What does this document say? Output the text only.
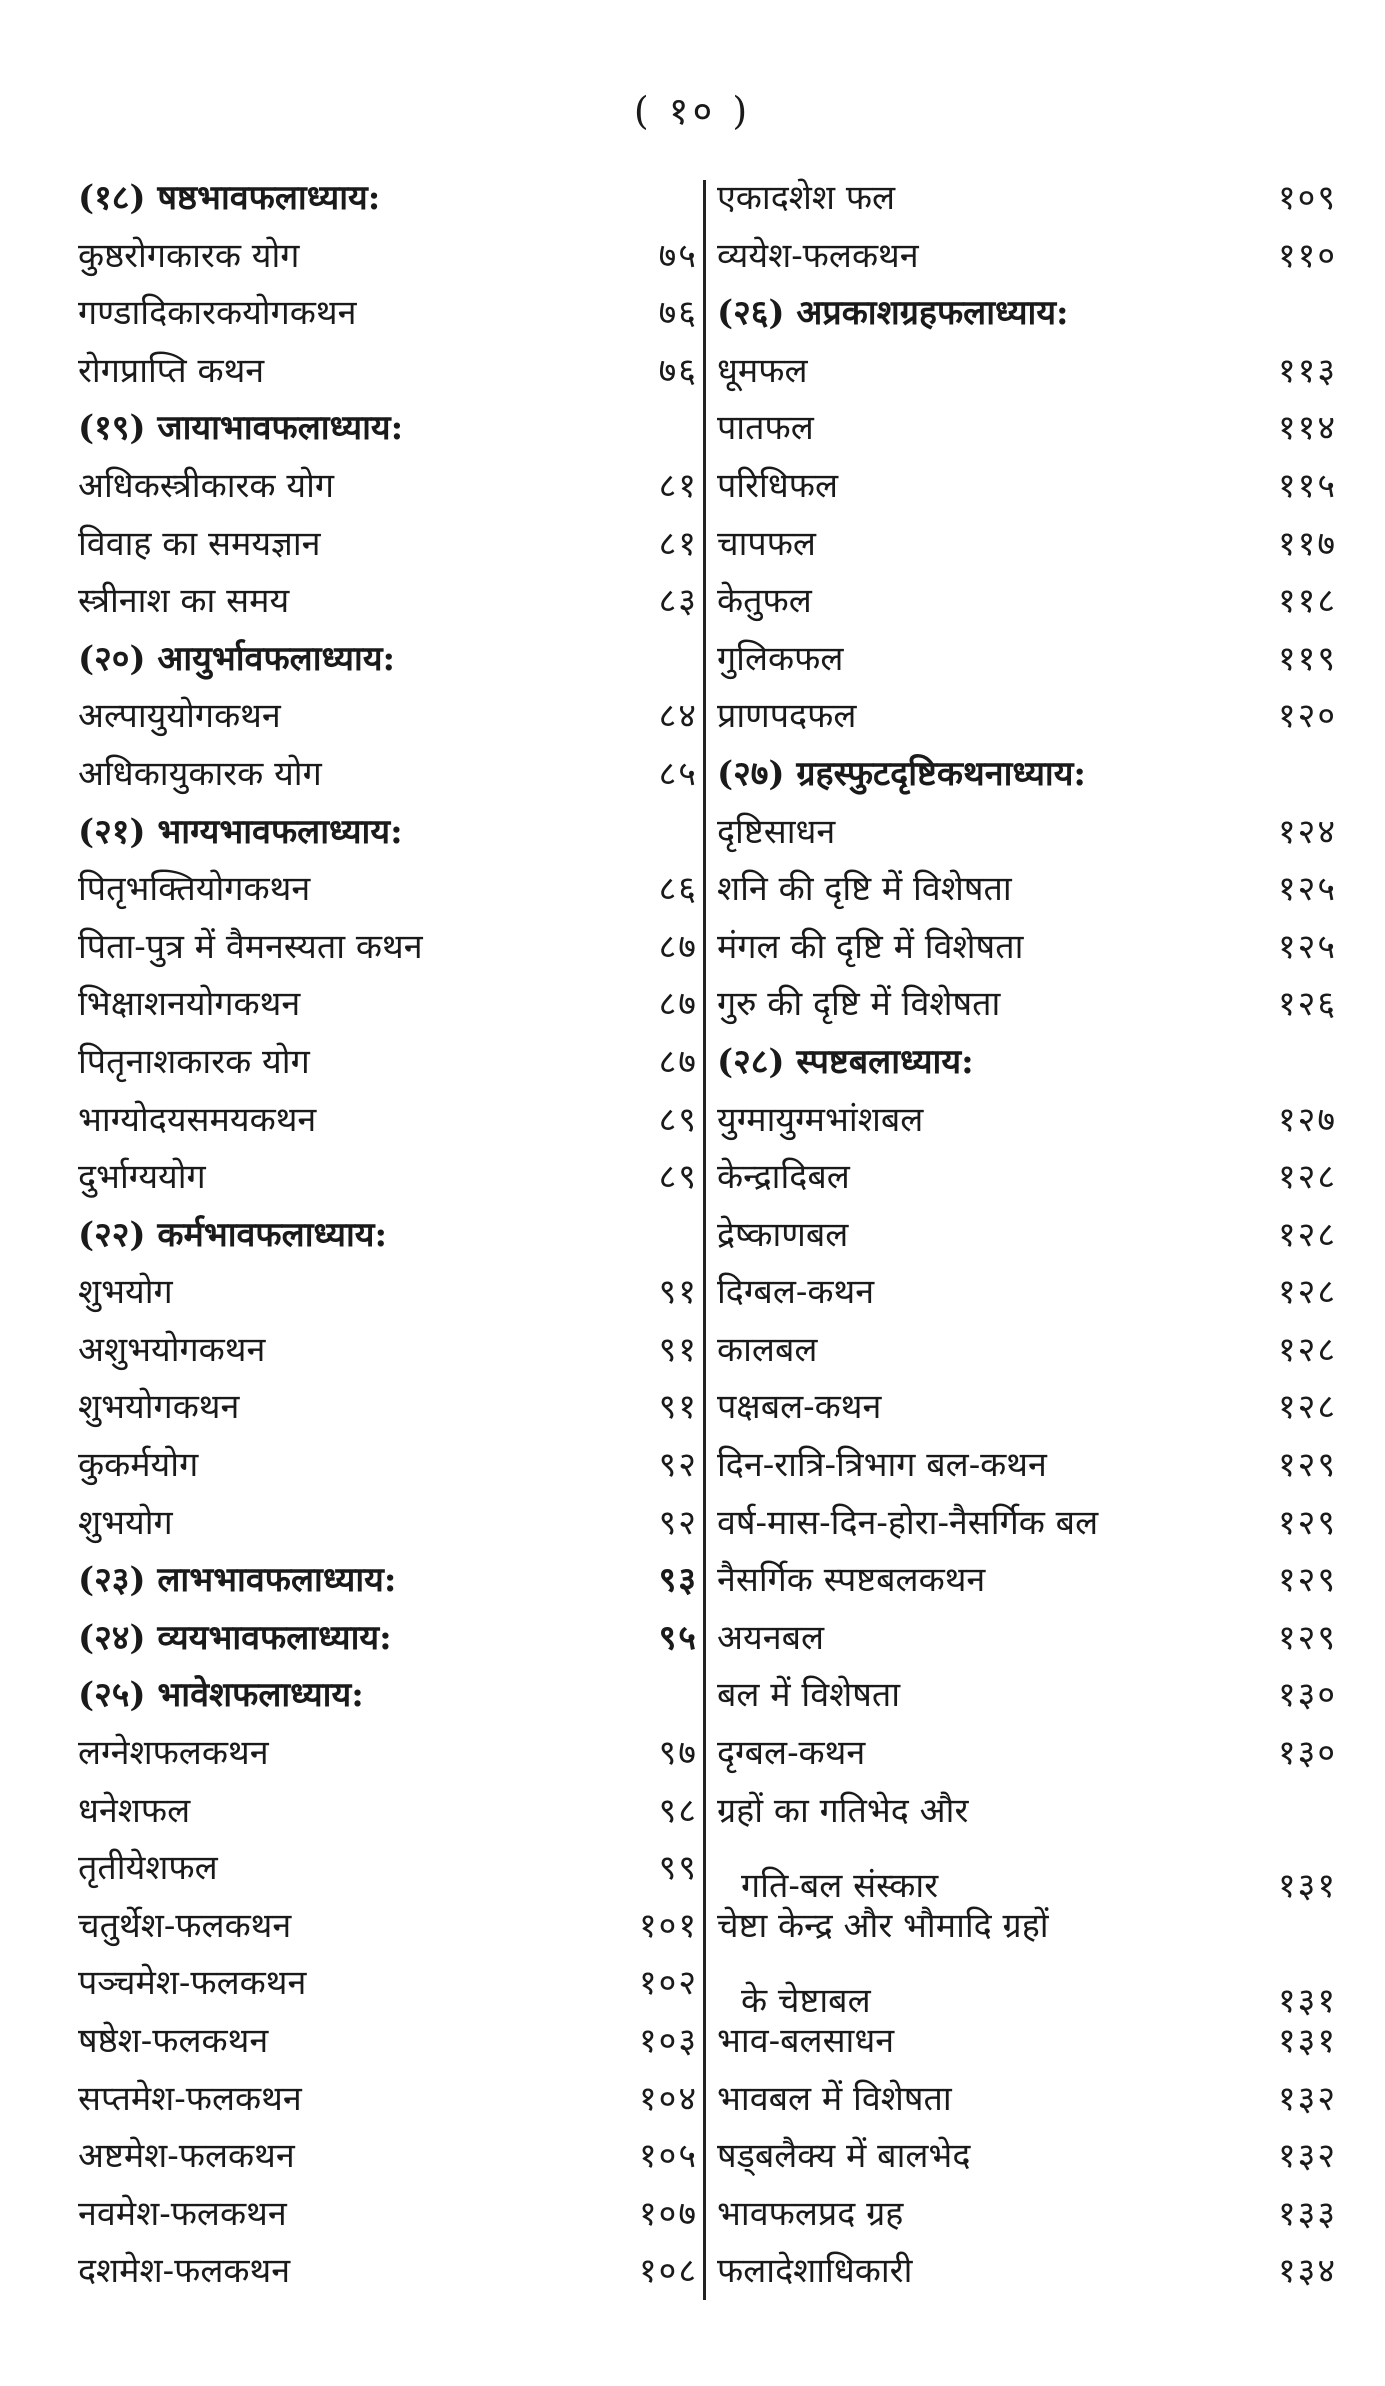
( १० )
(१८) षष्ठभावफलाध्याय:
कुष्ठरोगकारक योग	७५
गण्डादिकारकयोगकथन	७६
रोगप्राप्ति कथन	७६
(१९) जायाभावफलाध्याय:
अधिकस्त्रीकारक योग	८१
विवाह का समयज्ञान	८१
स्त्रीनाश का समय	८३
(२०) आयुर्भावफलाध्याय:
अल्पायुयोगकथन	८४
अधिकायुकारक योग	८५
(२१) भाग्यभावफलाध्याय:
पितृभक्तियोगकथन	८६
पिता-पुत्र में वैमनस्यता कथन	८७
भिक्षाशनयोगकथन	८७
पितृनाशकारक योग	८७
भाग्योदयसमयकथन	८९
दुर्भाग्ययोग	८९
(२२) कर्मभावफलाध्याय:
शुभयोग	९१
अशुभयोगकथन	९१
शुभयोगकथन	९१
कुकर्मयोग	९२
शुभयोग	९२
(२३) लाभभावफलाध्याय:	९३
(२४) व्ययभावफलाध्याय:	९५
(२५) भावेशफलाध्याय:
लग्नेशफलकथन	९७
धनेशफल	९८
तृतीयेशफल	९९
चतुर्थेश-फलकथन	१०१
पञ्चमेश-फलकथन	१०२
षष्ठेश-फलकथन	१०३
सप्तमेश-फलकथन	१०४
अष्टमेश-फलकथन	१०५
नवमेश-फलकथन	१०७
दशमेश-फलकथन	१०८
एकादशेश फल	१०९
व्ययेश-फलकथन	११०
(२६) अप्रकाशग्रहफलाध्याय:
धूमफल	११३
पातफल	११४
परिधिफल	११५
चापफल	११७
केतुफल	११८
गुलिकफल	११९
प्राणपदफल	१२०
(२७) ग्रहस्फुटदृष्टिकथनाध्याय:
दृष्टिसाधन	१२४
शनि की दृष्टि में विशेषता	१२५
मंगल की दृष्टि में विशेषता	१२५
गुरु की दृष्टि में विशेषता	१२६
(२८) स्पष्टबलाध्याय:
युग्मायुग्मभांशबल	१२७
केन्द्रादिबल	१२८
द्रेष्काणबल	१२८
दिग्बल-कथन	१२८
कालबल	१२८
पक्षबल-कथन	१२८
दिन-रात्रि-त्रिभाग बल-कथन	१२९
वर्ष-मास-दिन-होरा-नैसर्गिक बल	१२९
नैसर्गिक स्पष्टबलकथन	१२९
अयनबल	१२९
बल में विशेषता	१३०
दृग्बल-कथन	१३०
ग्रहों का गतिभेद और
गति-बल संस्कार	१३१
चेष्टा केन्द्र और भौमादि ग्रहों
के चेष्टाबल	१३१
भाव-बलसाधन	१३१
भावबल में विशेषता	१३२
षड्बलैक्य में बालभेद	१३२
भावफलप्रद ग्रह	१३३
फलादेशाधिकारी	१३४
